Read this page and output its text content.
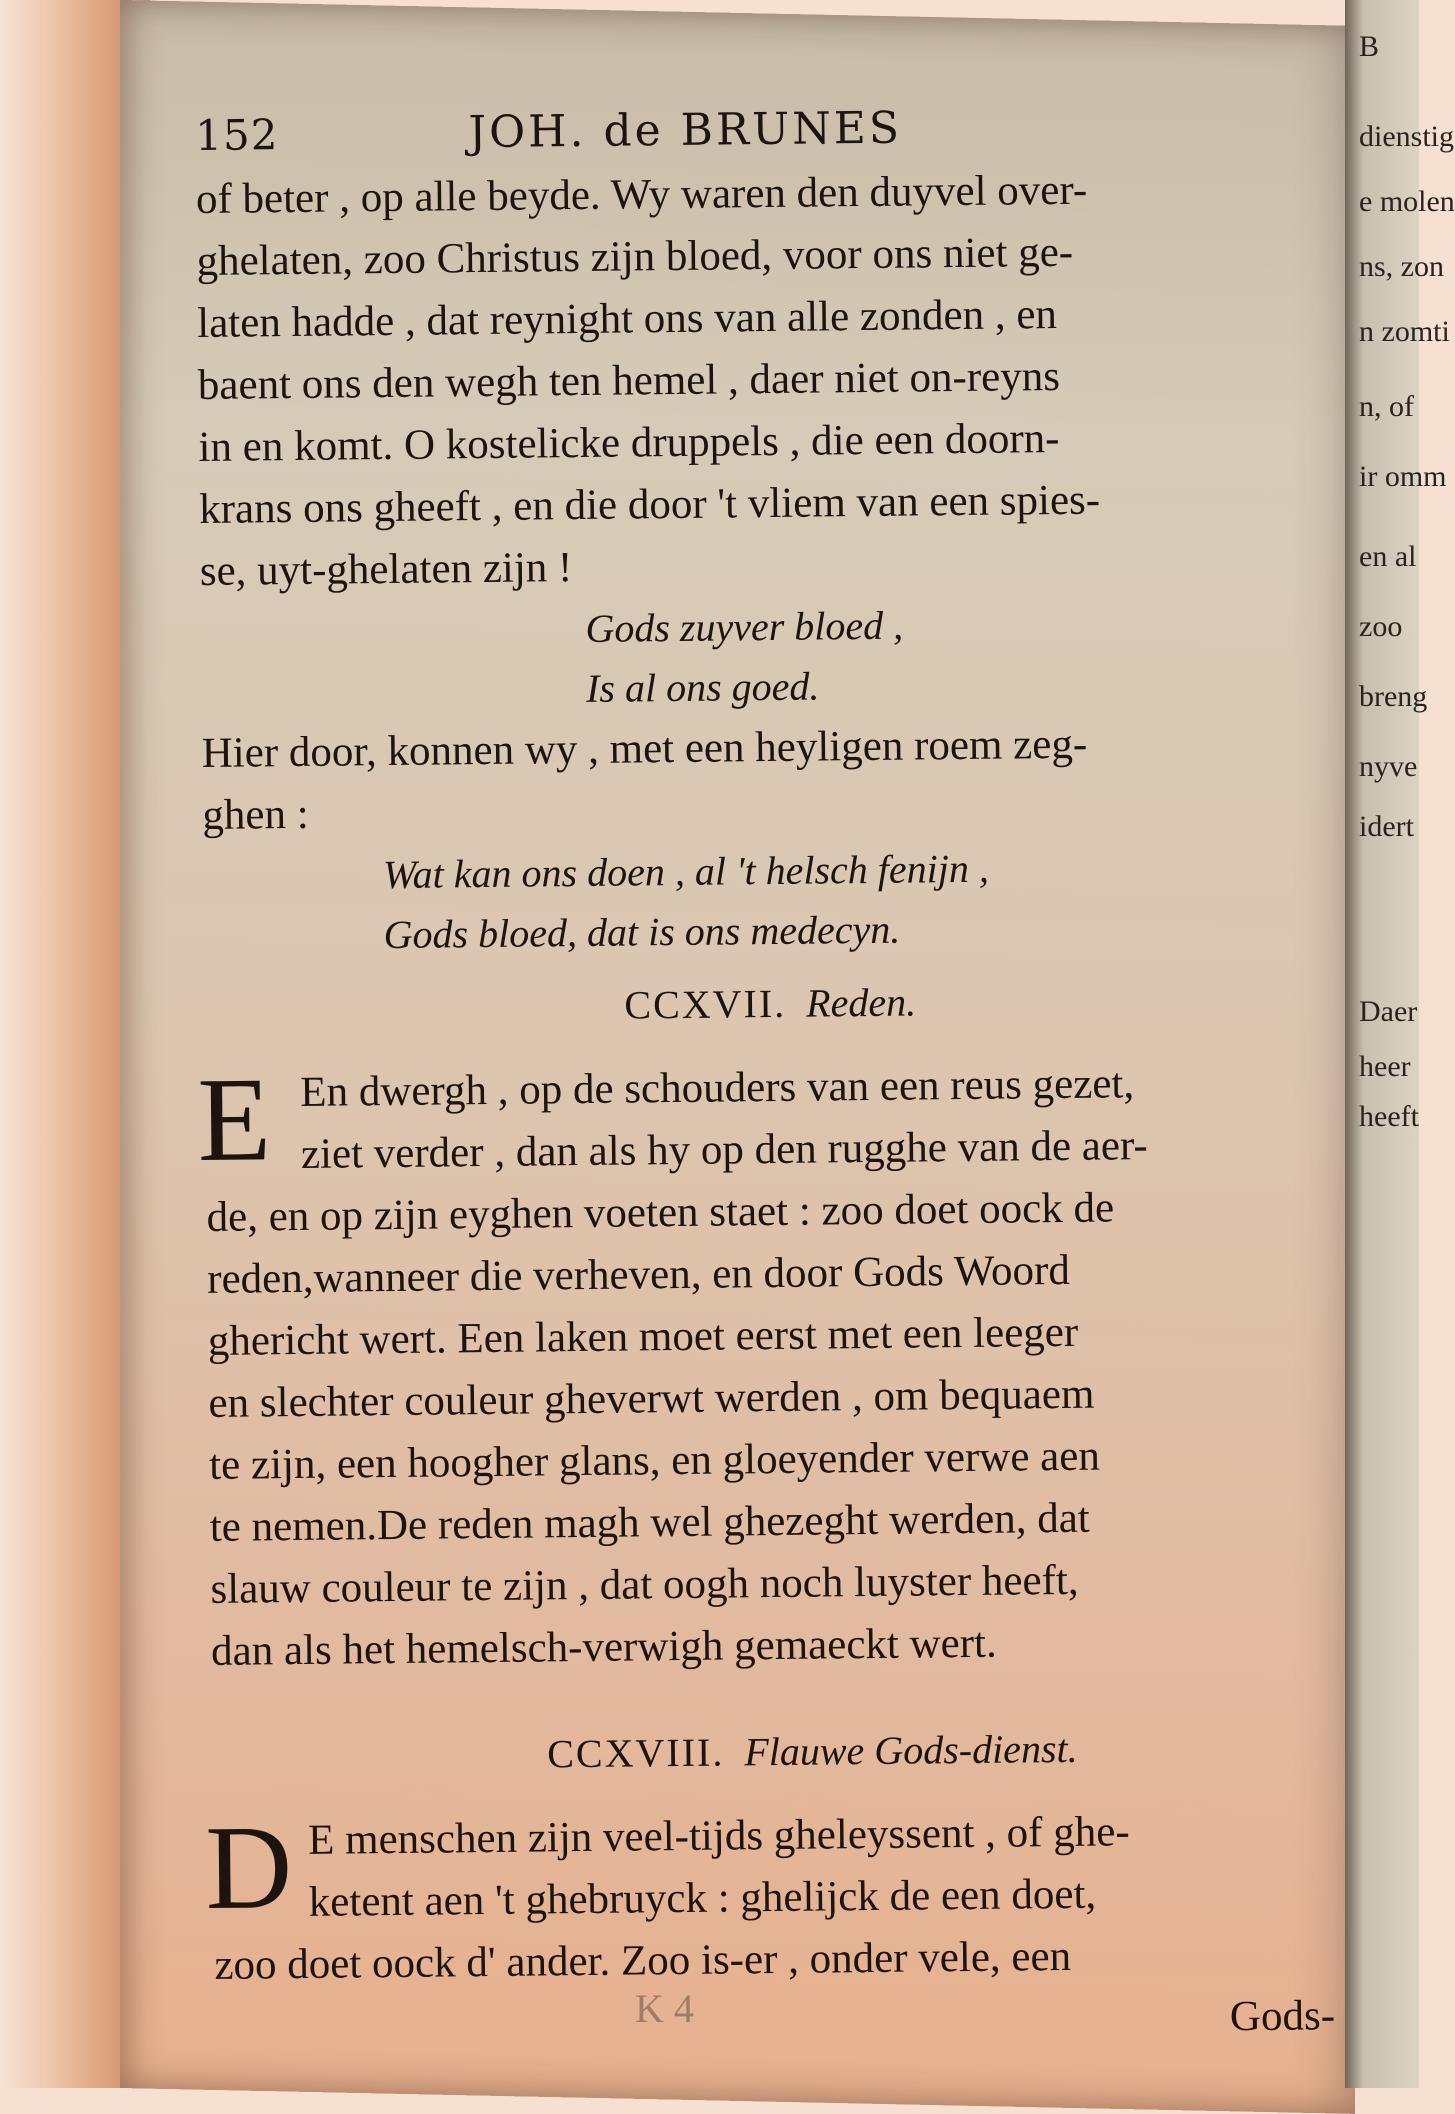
B
dienstig
e molen
ns, zon
n zomti
n, of
ir omm
en al
zoo
breng
nyve
idert
Daer
heer
heeft
152	JOH. de BRUNES
of beter , op alle beyde. Wy waren den duyvel over-
ghelaten, zoo Christus zijn bloed, voor ons niet ge-
laten hadde , dat reynight ons van alle zonden , en
baent ons den wegh ten hemel , daer niet on-reyns
in en komt. O kostelicke druppels , die een doorn-
krans ons gheeft , en die door 't vliem van een spies-
se, uyt-ghelaten zijn !
Gods zuyver bloed ,
Is al ons goed.
Hier door, konnen wy , met een heyligen roem zeg-
ghen :
Wat kan ons doen , al 't helsch fenijn ,
Gods bloed, dat is ons medecyn.
CCXVII. Reden.
E En dwergh , op de schouders van een reus gezet,
ziet verder , dan als hy op den rugghe van de aer-
de, en op zijn eyghen voeten staet : zoo doet oock de
reden,wanneer die verheven, en door Gods Woord
ghericht wert. Een laken moet eerst met een leeger
en slechter couleur gheverwt werden , om bequaem
te zijn, een hoogher glans, en gloeyender verwe aen
te nemen.De reden magh wel ghezeght werden, dat
slauw couleur te zijn , dat oogh noch luyster heeft,
dan als het hemelsch-verwigh gemaeckt wert.
CCXVIII. Flauwe Gods-dienst.
D E menschen zijn veel-tijds gheleyssent , of ghe-
ketent aen 't ghebruyck : ghelijck de een doet,
zoo doet oock d' ander. Zoo is-er , onder vele, een
Gods-
K 4
